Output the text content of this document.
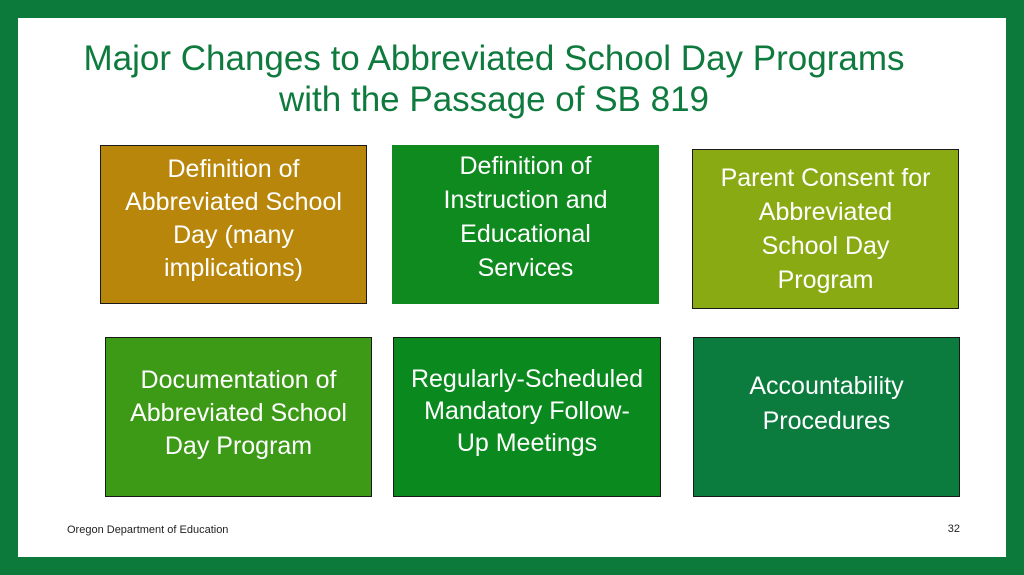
Major Changes to Abbreviated School Day Programs
with the Passage of SB 819
Definition of
Abbreviated School
Day (many
implications)
Definition of
Instruction and
Educational
Services
Parent Consent for
Abbreviated
School Day
Program
Documentation of
Abbreviated School
Day Program
Regularly-Scheduled
Mandatory Follow-
Up Meetings
Accountability
Procedures
Oregon Department of Education	32
